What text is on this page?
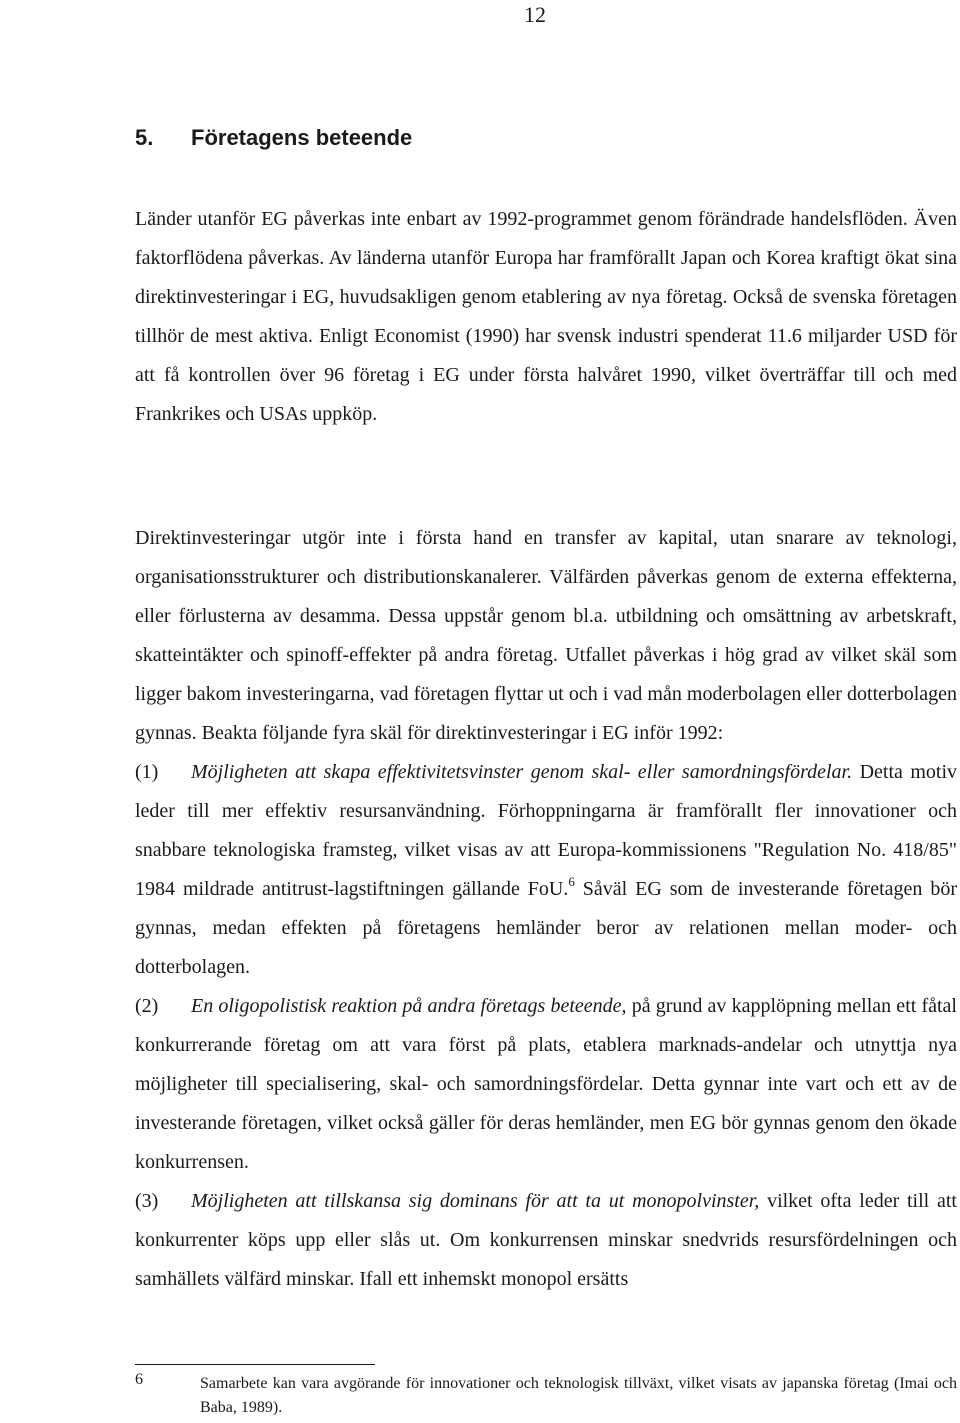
12
5. Företagens beteende

Länder utanför EG påverkas inte enbart av 1992-programmet genom förändrade handelsflöden. Även faktorflödena påverkas. Av länderna utanför Europa har framförallt Japan och Korea kraftigt ökat sina direktinvesteringar i EG, huvudsakligen genom etablering av nya företag. Också de svenska företagen tillhör de mest aktiva. Enligt Economist (1990) har svensk industri spenderat 11.6 miljarder USD för att få kontrollen över 96 företag i EG under första halvåret 1990, vilket överträffar till och med Frankrikes och USAs uppköp.

Direktinvesteringar utgör inte i första hand en transfer av kapital, utan snarare av teknologi, organisationsstrukturer och distributionskanalerer. Välfärden påverkas genom de externa effekterna, eller förlusterna av desamma. Dessa uppstår genom bl.a. utbildning och omsättning av arbetskraft, skatteintäkter och spinoff-effekter på andra företag. Utfallet påverkas i hög grad av vilket skäl som ligger bakom investeringarna, vad företagen flyttar ut och i vad mån moderbolagen eller dotterbolagen gynnas. Beakta följande fyra skäl för direktinvesteringar i EG inför 1992:
(1) Möjligheten att skapa effektivitetsvinster genom skal- eller samordningsfördelar. Detta motiv leder till mer effektiv resursanvändning. Förhoppningarna är framförallt fler innovationer och snabbare teknologiska framsteg, vilket visas av att Europa-kommissionens "Regulation No. 418/85" 1984 mildrade antitrust-lagstiftningen gällande FoU.$^6$ Såväl EG som de investerande företagen bör gynnas, medan effekten på företagens hemländer beror av relationen mellan moder- och dotterbolagen.
(2) En oligopolistisk reaktion på andra företags beteende, på grund av kapplöpning mellan ett fåtal konkurrerande företag om att vara först på plats, etablera marknads-andelar och utnyttja nya möjligheter till specialisering, skal- och samordningsfördelar. Detta gynnar inte vart och ett av de investerande företagen, vilket också gäller för deras hemländer, men EG bör gynnas genom den ökade konkurrensen.
(3) Möjligheten att tillskansa sig dominans för att ta ut monopolvinster, vilket ofta leder till att konkurrenter köps upp eller slås ut. Om konkurrensen minskar snedvrids resursfördelningen och samhällets välfärd minskar. Ifall ett inhemskt monopol ersätts

6	Samarbete kan vara avgörande för innovationer och teknologisk tillväxt, vilket visats av japanska företag (Imai och Baba, 1989).
